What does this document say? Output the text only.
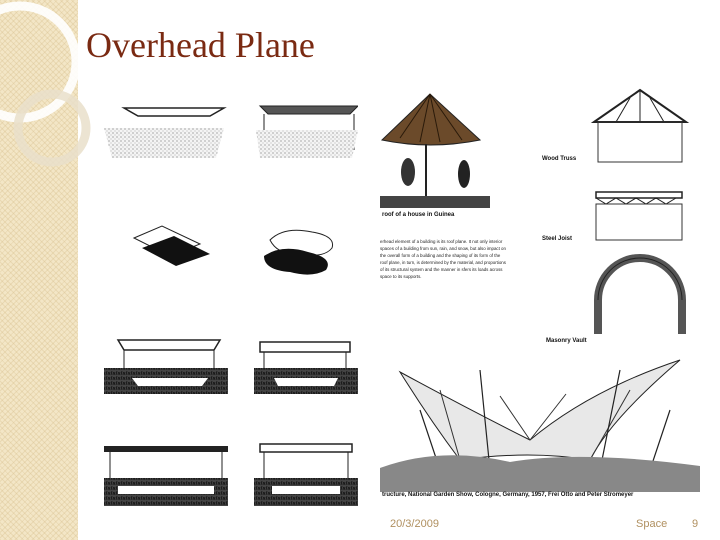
Overhead Plane
roof of a house in Guinea
erhead element of a building is its roof plane. It not only interior spaces of a building from sun, rain, and snow, but also impact on the overall form of a building and the shaping of its form of the roof plane, in turn, is determined by the material, and proportions of its structural system and the manner in sfers its loads across space to its supports.
Wood Truss
Steel Joist
Masonry Vault
tructure, National Garden Show, Cologne, Germany, 1957, Frei Otto and Peter Stromeyer
20/3/2009	Space 9
